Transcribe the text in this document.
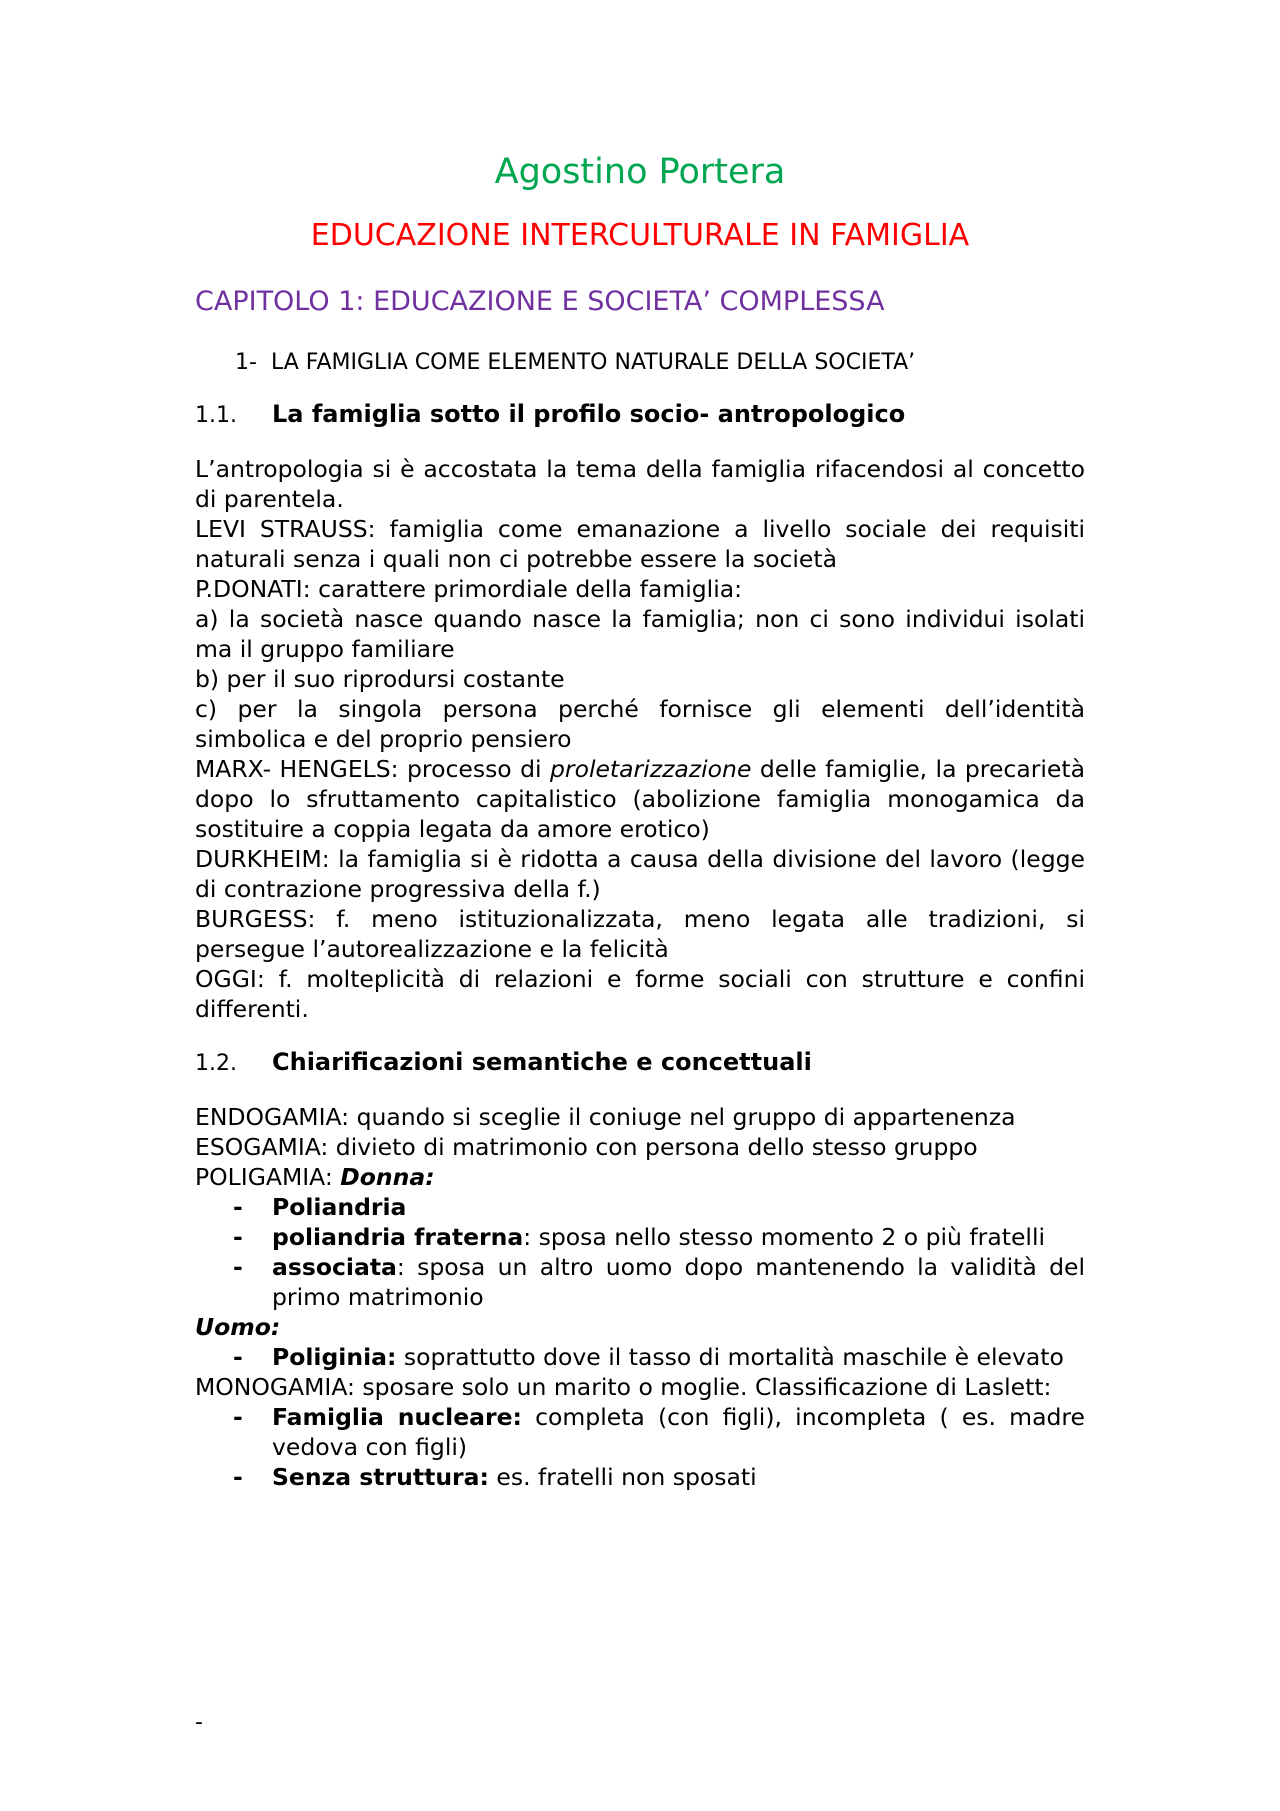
Agostino Portera
EDUCAZIONE INTERCULTURALE IN FAMIGLIA
CAPITOLO 1: EDUCAZIONE E SOCIETA’ COMPLESSA
1- LA FAMIGLIA COME ELEMENTO NATURALE DELLA SOCIETA’
1.1. La famiglia sotto il profilo socio- antropologico

L’antropologia si è accostata la tema della famiglia rifacendosi al concetto di parentela.

LEVI STRAUSS: famiglia come emanazione a livello sociale dei requisiti naturali senza i quali non ci potrebbe essere la società

P.DONATI: carattere primordiale della famiglia:

a) la società nasce quando nasce la famiglia; non ci sono individui isolati ma il gruppo familiare

b) per il suo riprodursi costante

c) per la singola persona perché fornisce gli elementi dell’identità simbolica e del proprio pensiero

MARX- HENGELS: processo di proletarizzazione delle famiglie, la precarietà dopo lo sfruttamento capitalistico (abolizione famiglia monogamica da sostituire a coppia legata da amore erotico)

DURKHEIM: la famiglia si è ridotta a causa della divisione del lavoro (legge di contrazione progressiva della f.)

BURGESS: f. meno istituzionalizzata, meno legata alle tradizioni, si persegue l’autorealizzazione e la felicità

OGGI: f. molteplicità di relazioni e forme sociali con strutture e confini differenti.

1.2. Chiarificazioni semantiche e concettuali

ENDOGAMIA: quando si sceglie il coniuge nel gruppo di appartenenza

ESOGAMIA: divieto di matrimonio con persona dello stesso gruppo

POLIGAMIA: Donna:

- Poliandria

- poliandria fraterna: sposa nello stesso momento 2 o più fratelli

- associata: sposa un altro uomo dopo mantenendo la validità del primo matrimonio

Uomo:

- Poliginia: soprattutto dove il tasso di mortalità maschile è elevato

MONOGAMIA: sposare solo un marito o moglie. Classificazione di Laslett:

- Famiglia nucleare: completa (con figli), incompleta ( es. madre vedova con figli)

- Senza struttura: es. fratelli non sposati

-
